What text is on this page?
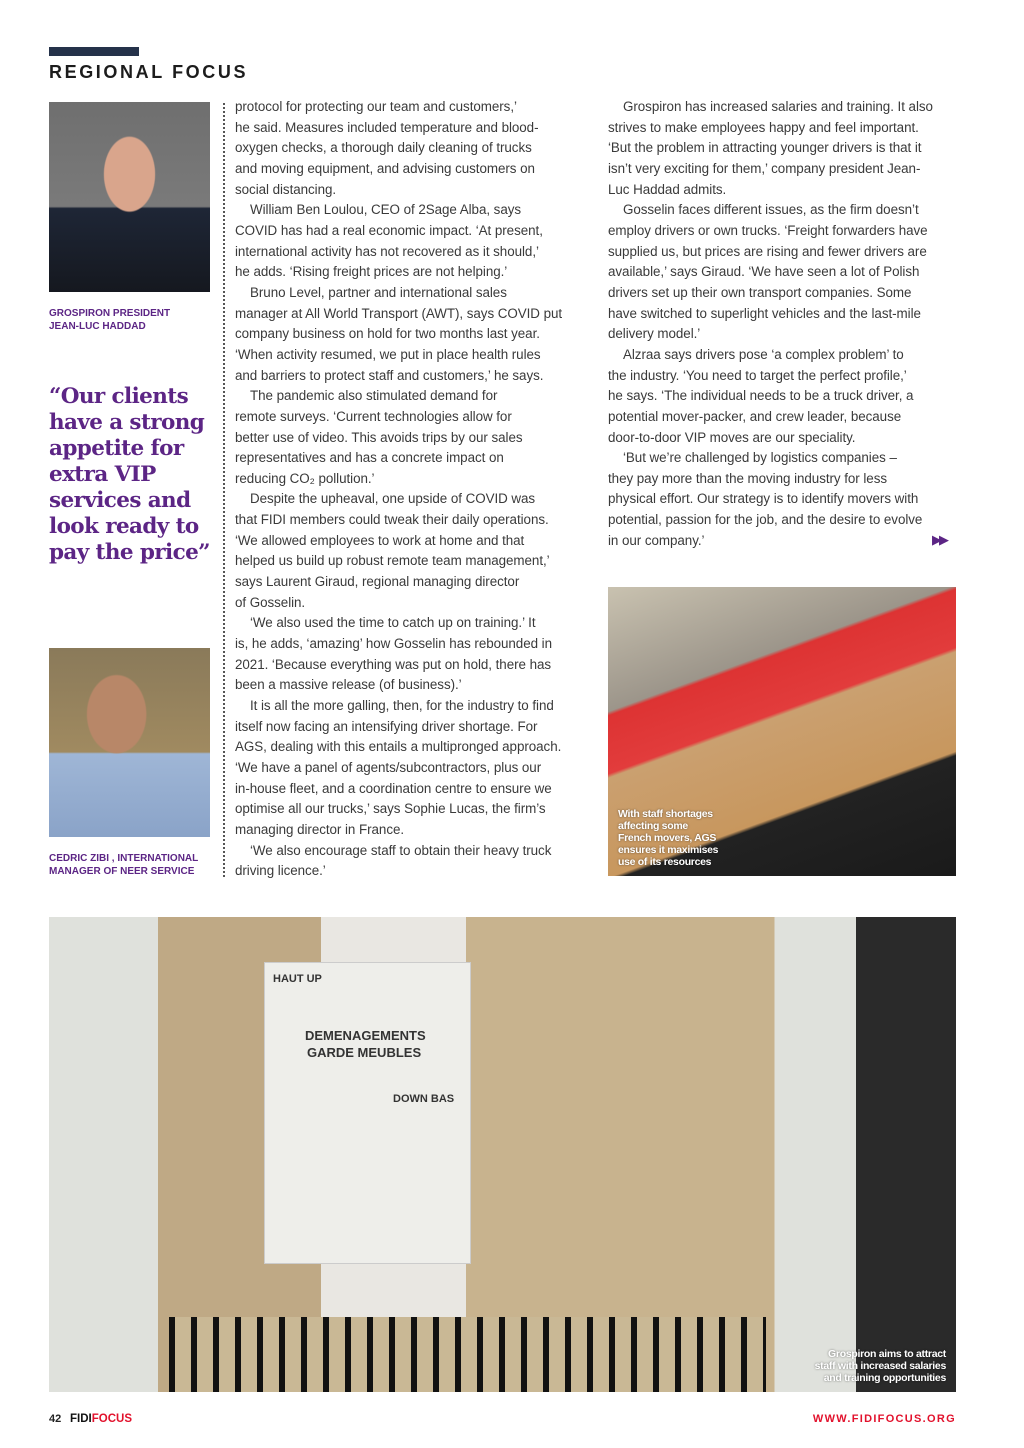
REGIONAL FOCUS
GROSPIRON PRESIDENT
JEAN-LUC HADDAD
“Our clients have a strong appetite for extra VIP services and look ready to pay the price”
CEDRIC ZIBI , INTERNATIONAL
MANAGER OF NEER SERVICE
protocol for protecting our team and customers,’
he said. Measures included temperature and blood-
oxygen checks, a thorough daily cleaning of trucks
and moving equipment, and advising customers on
social distancing.
William Ben Loulou, CEO of 2Sage Alba, says
COVID has had a real economic impact. ‘At present,
international activity has not recovered as it should,’
he adds. ‘Rising freight prices are not helping.’
Bruno Level, partner and international sales
manager at All World Transport (AWT), says COVID put
company business on hold for two months last year.
‘When activity resumed, we put in place health rules
and barriers to protect staff and customers,’ he says.
The pandemic also stimulated demand for
remote surveys. ‘Current technologies allow for
better use of video. This avoids trips by our sales
representatives and has a concrete impact on
reducing CO₂ pollution.’
Despite the upheaval, one upside of COVID was
that FIDI members could tweak their daily operations.
‘We allowed employees to work at home and that
helped us build up robust remote team management,’
says Laurent Giraud, regional managing director
of Gosselin.
‘We also used the time to catch up on training.’ It
is, he adds, ‘amazing’ how Gosselin has rebounded in
2021. ‘Because everything was put on hold, there has
been a massive release (of business).’
It is all the more galling, then, for the industry to find
itself now facing an intensifying driver shortage. For
AGS, dealing with this entails a multipronged approach.
‘We have a panel of agents/subcontractors, plus our
in-house fleet, and a coordination centre to ensure we
optimise all our trucks,’ says Sophie Lucas, the firm’s
managing director in France.
‘We also encourage staff to obtain their heavy truck
driving licence.’
Grospiron has increased salaries and training. It also
strives to make employees happy and feel important.
‘But the problem in attracting younger drivers is that it
isn’t very exciting for them,’ company president Jean-
Luc Haddad admits.
Gosselin faces different issues, as the firm doesn’t
employ drivers or own trucks. ‘Freight forwarders have
supplied us, but prices are rising and fewer drivers are
available,’ says Giraud. ‘We have seen a lot of Polish
drivers set up their own transport companies. Some
have switched to superlight vehicles and the last-mile
delivery model.’
Alzraa says drivers pose ‘a complex problem’ to
the industry. ‘You need to target the perfect profile,’
he says. ‘The individual needs to be a truck driver, a
potential mover-packer, and crew leader, because
door-to-door VIP moves are our speciality.
‘But we’re challenged by logistics companies –
they pay more than the moving industry for less
physical effort. Our strategy is to identify movers with
potential, passion for the job, and the desire to evolve
in our company.’	▶▶
With staff shortages
affecting some
French movers, AGS
ensures it maximises
use of its resources
HAUT UP
DEMENAGEMENTS
GARDE MEUBLES
DOWN BAS
Grospiron aims to attract
staff with increased salaries
and training opportunities
42 FIDIFOCUS	WWW.FIDIFOCUS.ORG
